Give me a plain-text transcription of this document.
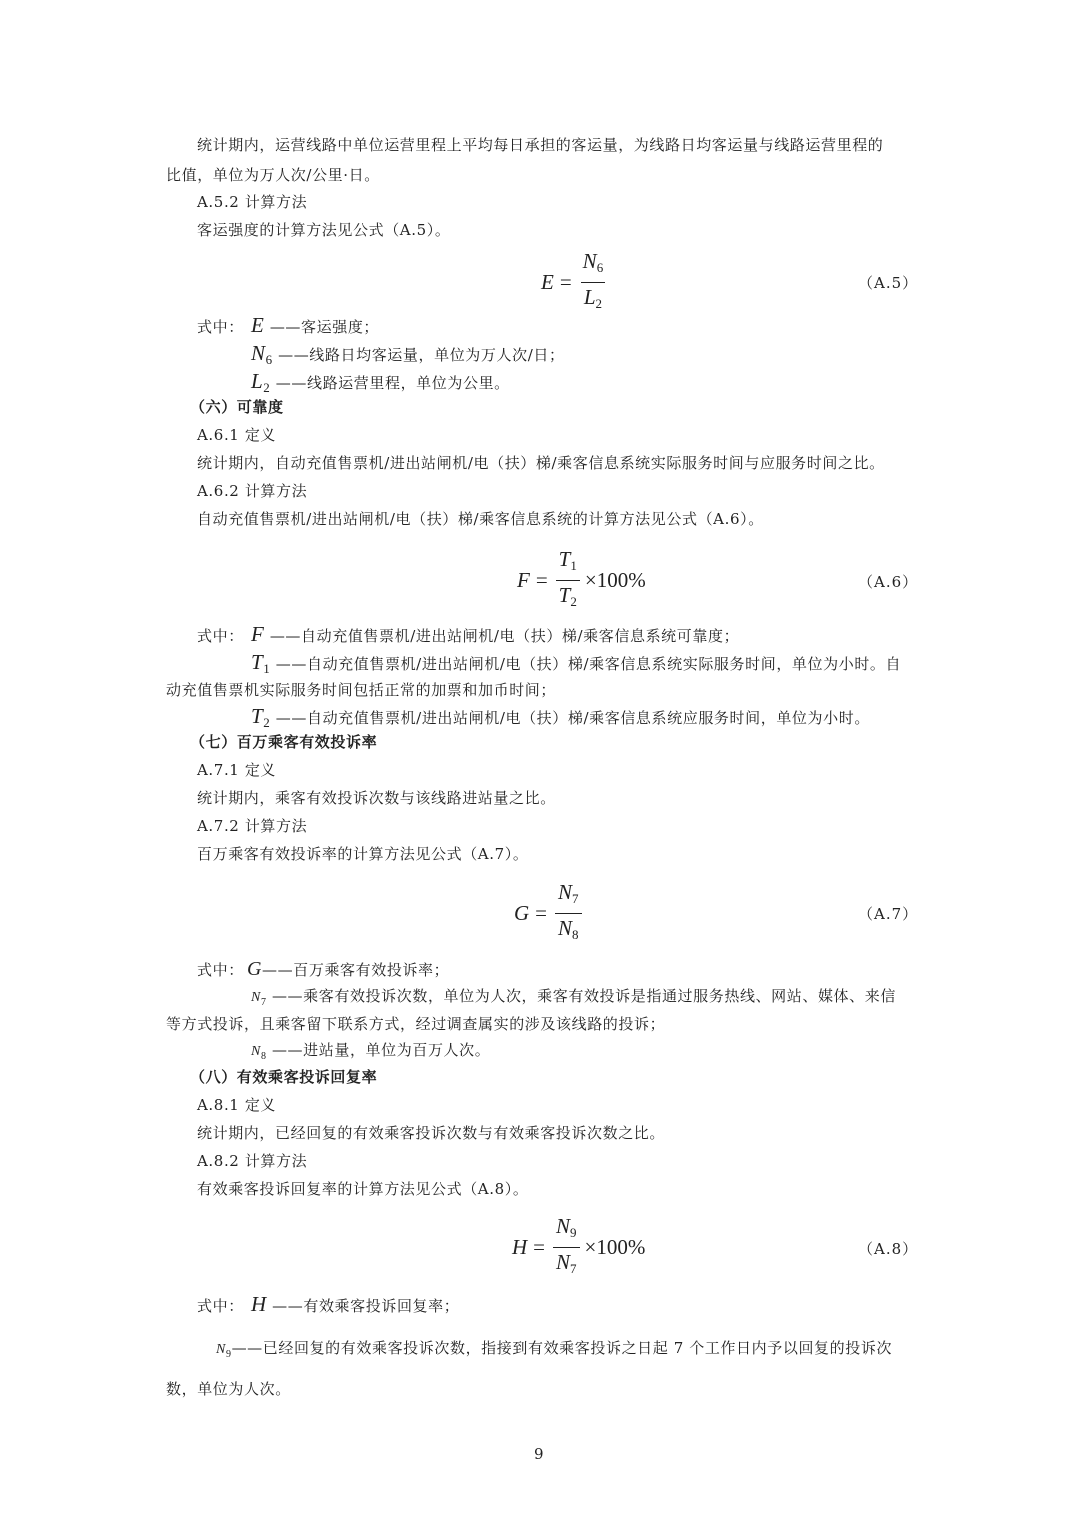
统计期内，运营线路中单位运营里程上平均每日承担的客运量，为线路日均客运量与线路运营里程的
比值，单位为万人次/公里·日。
A.5.2 计算方法
客运强度的计算方法见公式（A.5）。
$E = \frac{N_6}{L_2}$	（A.5）
式中： E ——客运强度；
$N_6$ ——线路日均客运量，单位为万人次/日；
$L_2$ ——线路运营里程，单位为公里。
（六）可靠度
A.6.1 定义
统计期内，自动充值售票机/进出站闸机/电（扶）梯/乘客信息系统实际服务时间与应服务时间之比。
A.6.2 计算方法
自动充值售票机/进出站闸机/电（扶）梯/乘客信息系统的计算方法见公式（A.6）。
$F = \frac{T_1}{T_2} \times 100\%$	（A.6）
式中： F ——自动充值售票机/进出站闸机/电（扶）梯/乘客信息系统可靠度；
$T_1$ ——自动充值售票机/进出站闸机/电（扶）梯/乘客信息系统实际服务时间，单位为小时。自
动充值售票机实际服务时间包括正常的加票和加币时间；
$T_2$ ——自动充值售票机/进出站闸机/电（扶）梯/乘客信息系统应服务时间，单位为小时。
（七）百万乘客有效投诉率
A.7.1 定义
统计期内，乘客有效投诉次数与该线路进站量之比。
A.7.2 计算方法
百万乘客有效投诉率的计算方法见公式（A.7）。
$G = \frac{N_7}{N_8}$	（A.7）
式中： G——百万乘客有效投诉率；
$N_7$ ——乘客有效投诉次数，单位为人次，乘客有效投诉是指通过服务热线、网站、媒体、来信
等方式投诉，且乘客留下联系方式，经过调查属实的涉及该线路的投诉；
$N_8$ ——进站量，单位为百万人次。
（八）有效乘客投诉回复率
A.8.1 定义
统计期内，已经回复的有效乘客投诉次数与有效乘客投诉次数之比。
A.8.2 计算方法
有效乘客投诉回复率的计算方法见公式（A.8）。
$H = \frac{N_9}{N_7} \times 100\%$	（A.8）
式中： H ——有效乘客投诉回复率；
$N_9——$已经回复的有效乘客投诉次数，指接到有效乘客投诉之日起 7 个工作日内予以回复的投诉次
数，单位为人次。
9
